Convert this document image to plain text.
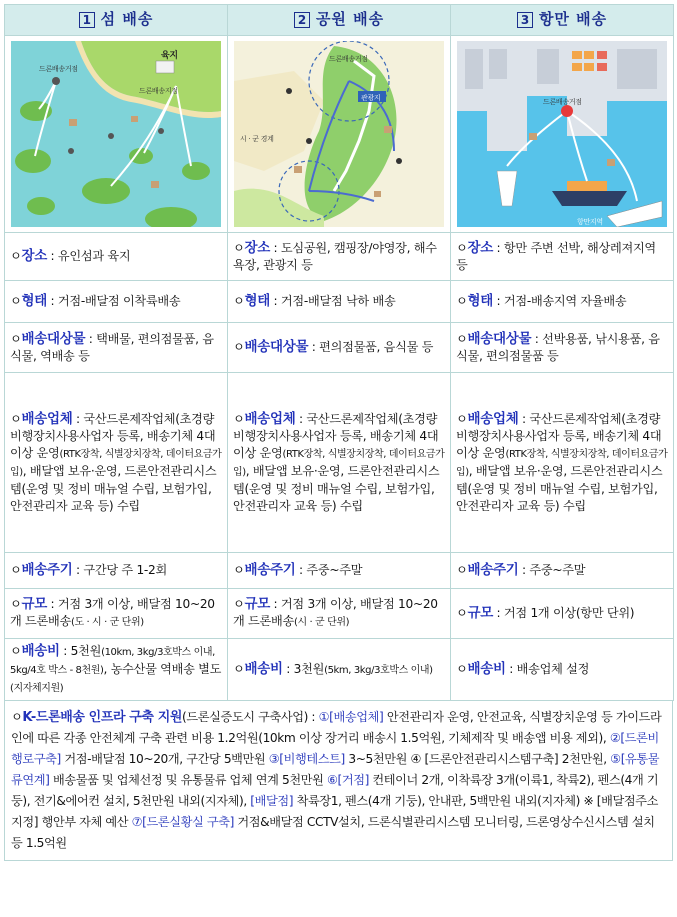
1 섬 배송	2 공원 배송	3 항만 배송

드론배송거점
육지
드론배송지점	드론배송거점
관광지
시 · 군 경계	드론배송거점
항만지역

ㅇ장소 : 유인섬과 육지	ㅇ장소 : 도심공원, 캠핑장/야영장, 해수욕장, 관광지 등	ㅇ장소 : 항만 주변 선박, 해상레져지역 등
ㅇ형태 : 거점-배달점 이착륙배송	ㅇ형태 : 거점-배달점 낙하 배송	ㅇ형태 : 거점-배송지역 자율배송
ㅇ배송대상물 : 택배물, 편의점물품, 음식물, 역배송 등	ㅇ배송대상물 : 편의점물품, 음식물 등	ㅇ배송대상물 : 선박용품, 낚시용품, 음식물, 편의점물품 등
ㅇ배송업체 : 국산드론제작업체(초경량비행장치사용사업자 등록, 배송기체 4대 이상 운영(RTK장착, 식별장치장착, 데이터요금가입), 배달앱 보유·운영, 드론안전관리시스템(운영 및 정비 매뉴얼 수립, 보험가입, 안전관리자 교육 등) 수립	ㅇ배송업체 : 국산드론제작업체(초경량비행장치사용사업자 등록, 배송기체 4대 이상 운영(RTK장착, 식별장치장착, 데이터요금가입), 배달앱 보유·운영, 드론안전관리시스템(운영 및 정비 매뉴얼 수립, 보험가입, 안전관리자 교육 등) 수립	ㅇ배송업체 : 국산드론제작업체(초경량비행장치사용사업자 등록, 배송기체 4대 이상 운영(RTK장착, 식별장치장착, 데이터요금가입), 배달앱 보유·운영, 드론안전관리시스템(운영 및 정비 매뉴얼 수립, 보험가입, 안전관리자 교육 등) 수립
ㅇ배송주기 : 구간당 주 1-2회	ㅇ배송주기 : 주중~주말	ㅇ배송주기 : 주중~주말
ㅇ규모 : 거점 3개 이상, 배달점 10~20개 드론배송(도 · 시 · 군 단위)	ㅇ규모 : 거점 3개 이상, 배달점 10~20개 드론배송(시 · 군 단위)	ㅇ규모 : 거점 1개 이상(항만 단위)
ㅇ배송비 : 5천원(10km, 3kg/3호박스 이내, 5kg/4호 박스 - 8천원), 농수산물 역배송 별도(지자체지원)	ㅇ배송비 : 3천원(5km, 3kg/3호박스 이내)	ㅇ배송비 : 배송업체 설정
ㅇK-드론배송 인프라 구축 지원(드론실증도시 구축사업) : ①[배송업체] 안전관리자 운영, 안전교육, 식별장치운영 등 가이드라인에 따른 각종 안전체계 구축 관련 비용 1.2억원(10km 이상 장거리 배송시 1.5억원, 기체제작 및 배송앱 비용 제외), ②[드론비행로구축] 거점-배달점 10~20개, 구간당 5백만원 ③[비행테스트] 3~5천만원 ④ [드론안전관리시스템구축] 2천만원, ⑤[유통물류연계] 배송물품 및 업체선정 및 유통물류 업체 연계 5천만원 ⑥[거점] 컨테이너 2개, 이착륙장 3개(이륙1, 착륙2), 펜스(4개 기둥), 전기&에어컨 설치, 5천만원 내외(지자체), [배달점] 착륙장1, 펜스(4개 기둥), 안내판, 5백만원 내외(지자체) ※ [배달점주소지정] 행안부 자체 예산 ⑦[드론실황실 구축] 거점&배달점 CCTV설치, 드론식별관리시스템 모니터링, 드론영상수신시스템 설치 등 1.5억원
